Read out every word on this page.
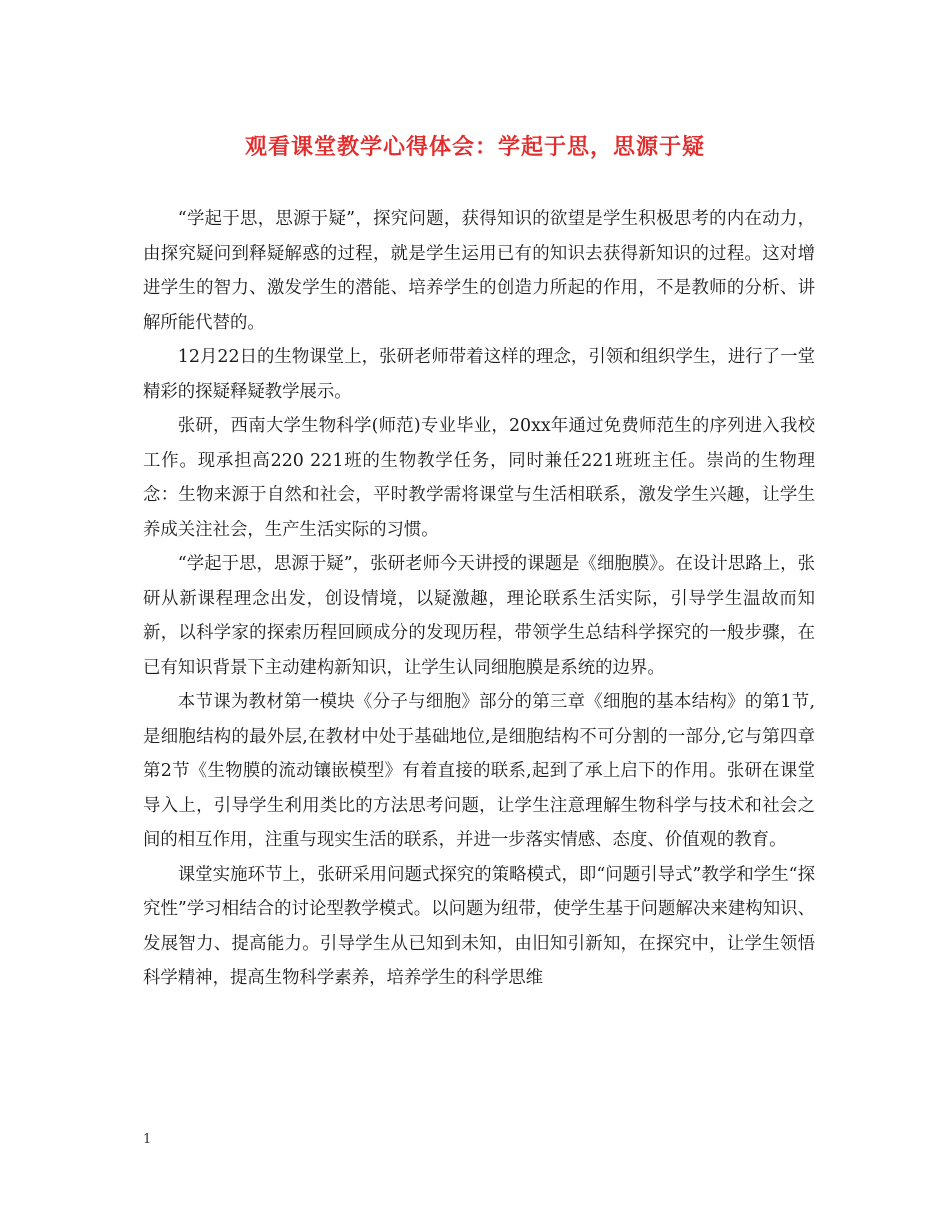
观看课堂教学心得体会：学起于思，思源于疑

“学起于思，思源于疑”，探究问题，获得知识的欲望是学生积极思考的内在动力，由探究疑问到释疑解惑的过程，就是学生运用已有的知识去获得新知识的过程。这对增进学生的智力、激发学生的潜能、培养学生的创造力所起的作用，不是教师的分析、讲解所能代替的。

12月22日的生物课堂上，张研老师带着这样的理念，引领和组织学生，进行了一堂精彩的探疑释疑教学展示。

张研，西南大学生物科学(师范)专业毕业，20xx年通过免费师范生的序列进入我校工作。现承担高220 221班的生物教学任务，同时兼任221班班主任。崇尚的生物理念：生物来源于自然和社会，平时教学需将课堂与生活相联系，激发学生兴趣，让学生养成关注社会，生产生活实际的习惯。

“学起于思，思源于疑”，张研老师今天讲授的课题是《细胞膜》。在设计思路上，张研从新课程理念出发，创设情境，以疑激趣，理论联系生活实际，引导学生温故而知新，以科学家的探索历程回顾成分的发现历程，带领学生总结科学探究的一般步骤，在已有知识背景下主动建构新知识，让学生认同细胞膜是系统的边界。

本节课为教材第一模块《分子与细胞》部分的第三章《细胞的基本结构》的第1节,是细胞结构的最外层,在教材中处于基础地位,是细胞结构不可分割的一部分,它与第四章第2节《生物膜的流动镶嵌模型》有着直接的联系,起到了承上启下的作用。张研在课堂导入上，引导学生利用类比的方法思考问题，让学生注意理解生物科学与技术和社会之间的相互作用，注重与现实生活的联系，并进一步落实情感、态度、价值观的教育。

课堂实施环节上，张研采用问题式探究的策略模式，即“问题引导式”教学和学生“探究性”学习相结合的讨论型教学模式。以问题为纽带，使学生基于问题解决来建构知识、发展智力、提高能力。引导学生从已知到未知，由旧知引新知，在探究中，让学生领悟科学精神，提高生物科学素养，培养学生的科学思维

1
